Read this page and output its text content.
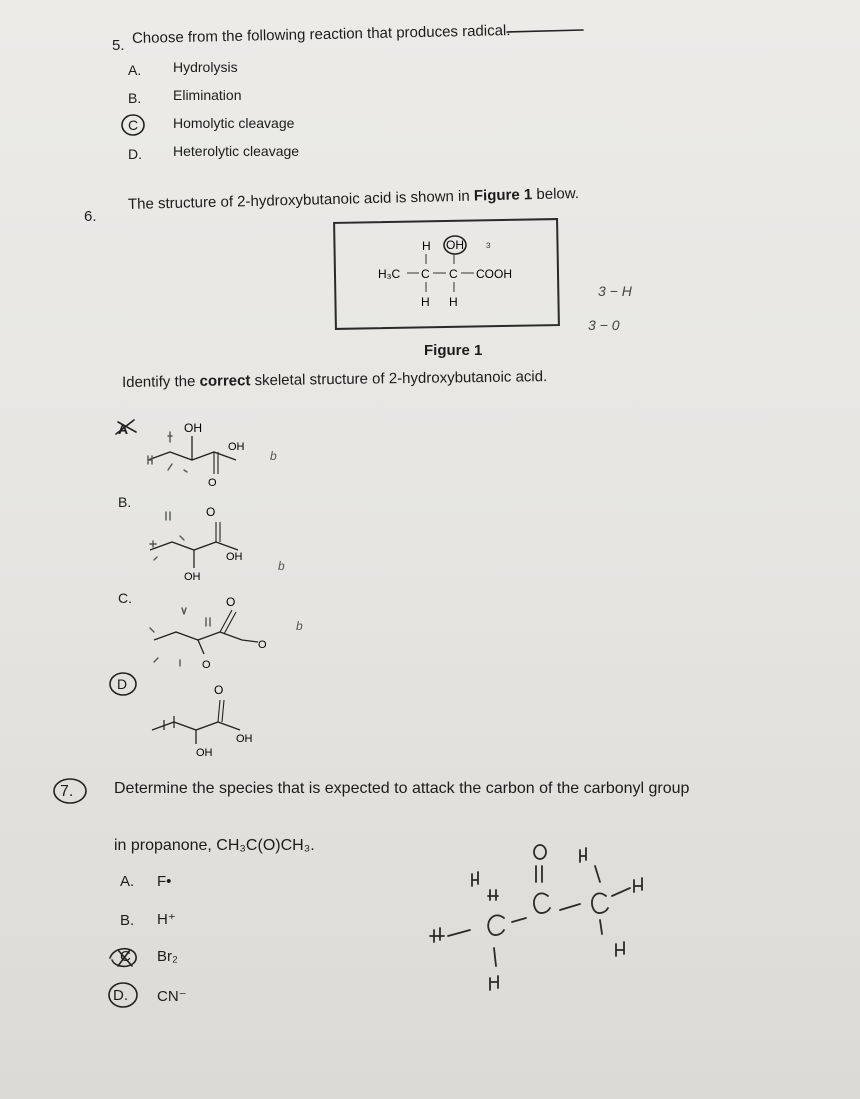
5. Choose from the following reaction that produces radical.
A. Hydrolysis
B. Elimination
C Homolytic cleavage
D. Heterolytic cleavage
6.
The structure of 2-hydroxybutanoic acid is shown in Figure 1 below.
H OH ɜ
H₃C C C COOH
H H
3 − H
3 − 0
Figure 1
Identify the correct skeletal structure of 2-hydroxybutanoic acid.
A	OH
OH
O
b
B.
O
OH
OH
b
C.	O
O
O
b
D	O
OH
OH
7.	Determine the species that is expected to attack the carbon of the carbonyl group
in propanone, CH₃C(O)CH₃.
A. F•
B. H⁺
C Br₂
D. CN⁻
